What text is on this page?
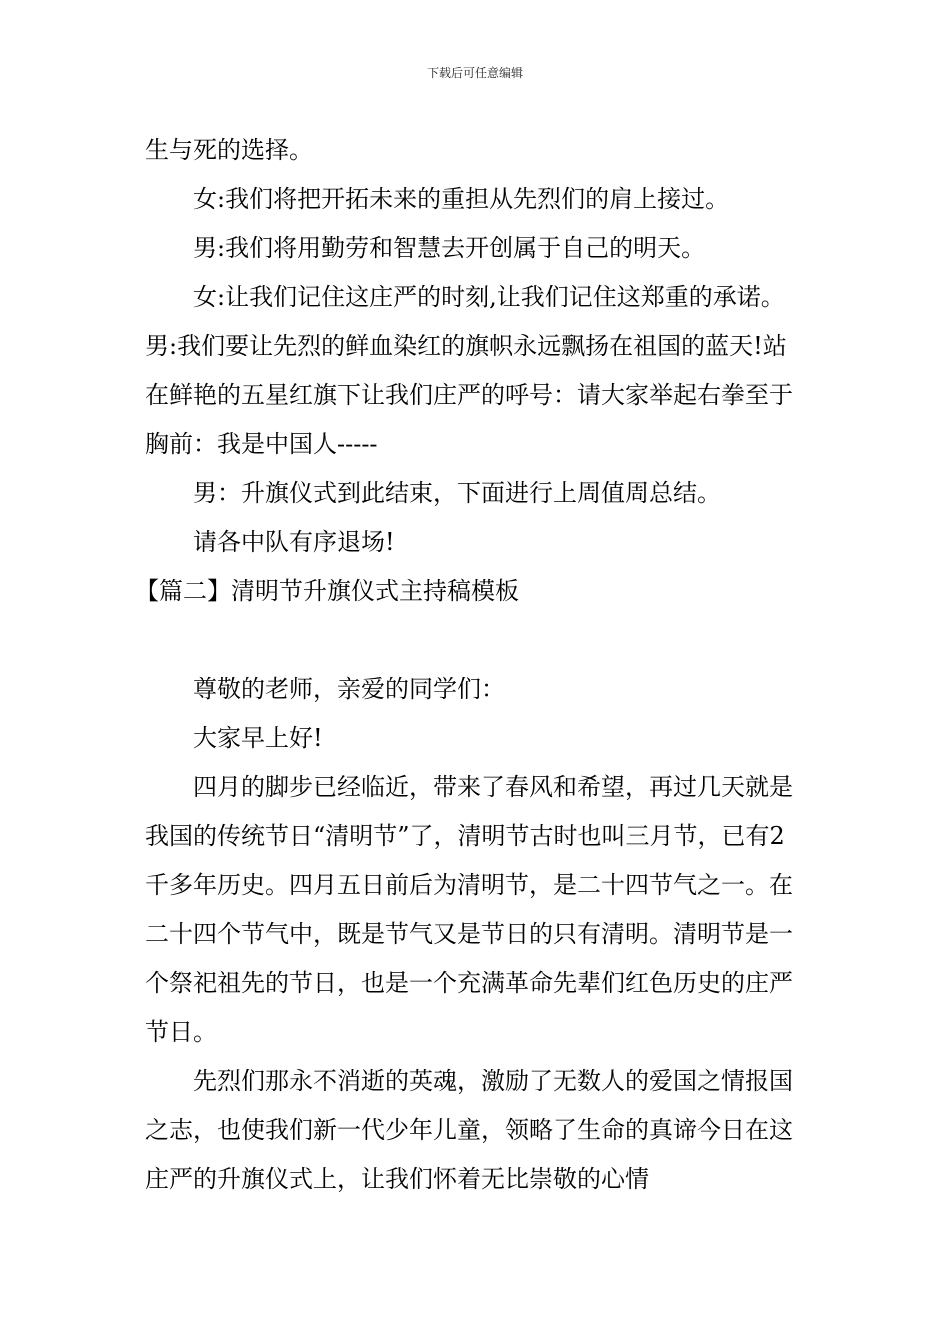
下载后可任意编辑

生与死的选择。

女:我们将把开拓未来的重担从先烈们的肩上接过。

男:我们将用勤劳和智慧去开创属于自己的明天。

女:让我们记住这庄严的时刻,让我们记住这郑重的承诺。男:我们要让先烈的鲜血染红的旗帜永远飘扬在祖国的蓝天!站在鲜艳的五星红旗下让我们庄严的呼号：请大家举起右拳至于胸前：我是中国人-----

男：升旗仪式到此结束，下面进行上周值周总结。

请各中队有序退场!

【篇二】清明节升旗仪式主持稿模板

尊敬的老师，亲爱的同学们：

大家早上好!

四月的脚步已经临近，带来了春风和希望，再过几天就是我国的传统节日“清明节”了，清明节古时也叫三月节，已有2千多年历史。四月五日前后为清明节，是二十四节气之一。在二十四个节气中，既是节气又是节日的只有清明。清明节是一个祭祀祖先的节日，也是一个充满革命先辈们红色历史的庄严节日。

先烈们那永不消逝的英魂，激励了无数人的爱国之情报国之志，也使我们新一代少年儿童，领略了生命的真谛今日在这庄严的升旗仪式上，让我们怀着无比崇敬的心情
